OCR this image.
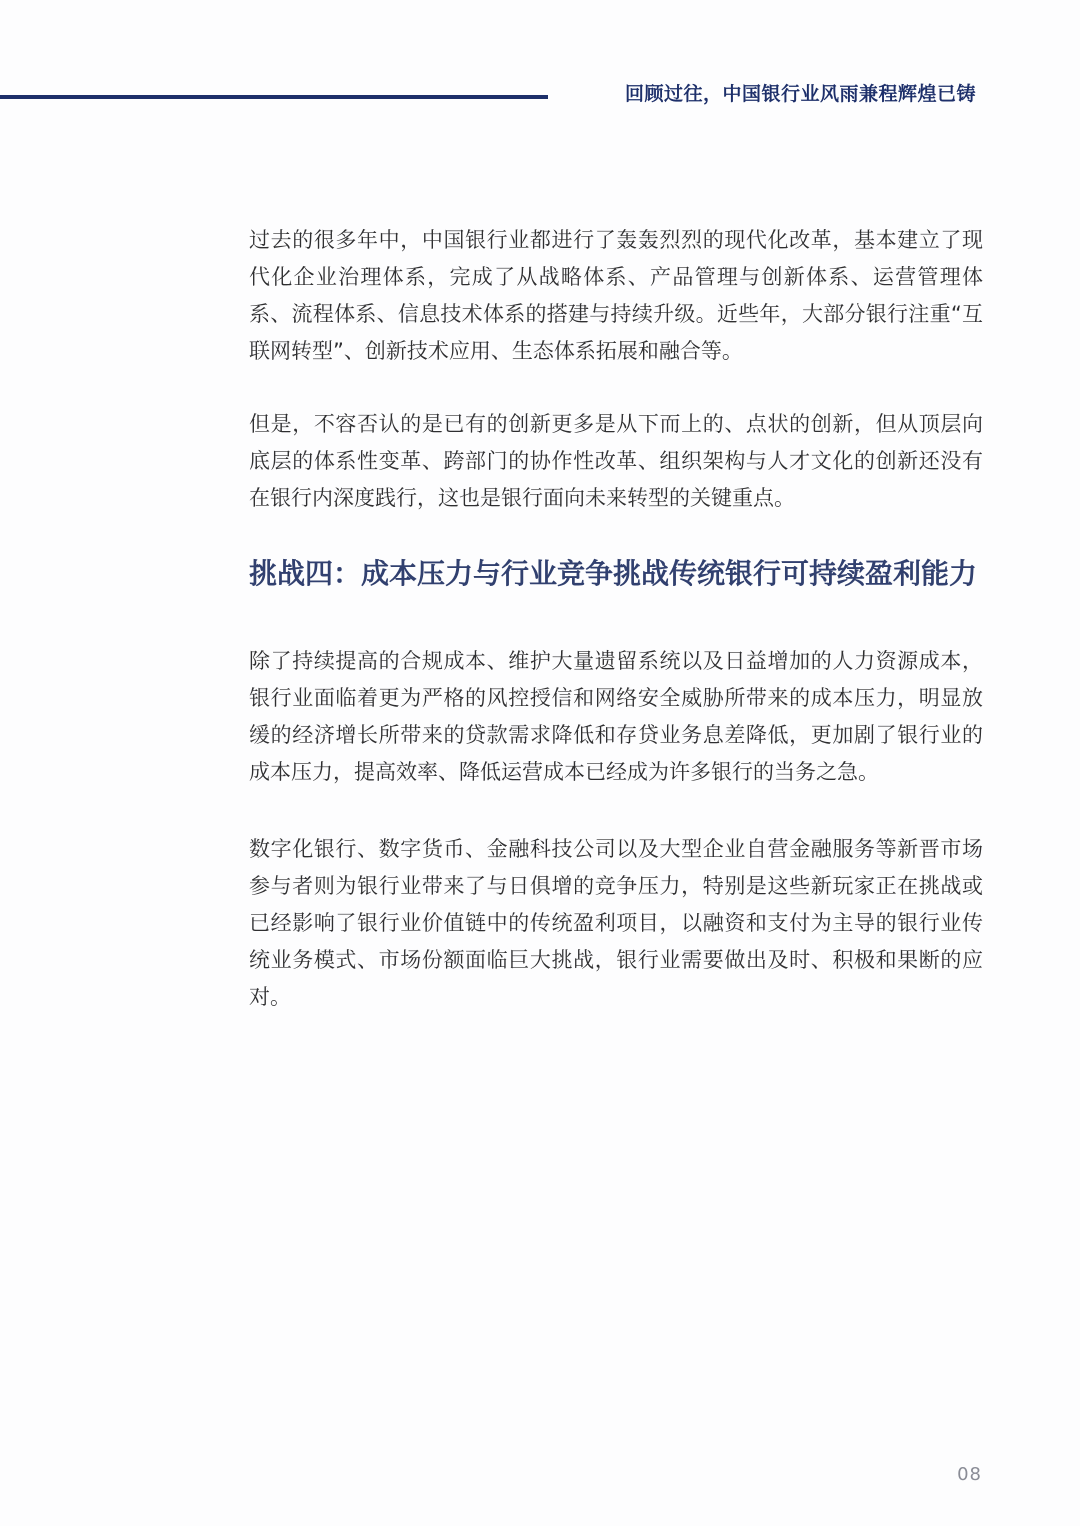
回顾过往，中国银行业风雨兼程辉煌已铸

过去的很多年中，中国银行业都进行了轰轰烈烈的现代化改革，基本建立了现代化企业治理体系，完成了从战略体系、产品管理与创新体系、运营管理体系、流程体系、信息技术体系的搭建与持续升级。近些年，大部分银行注重“互联网转型”、创新技术应用、生态体系拓展和融合等。

但是，不容否认的是已有的创新更多是从下而上的、点状的创新，但从顶层向底层的体系性变革、跨部门的协作性改革、组织架构与人才文化的创新还没有在银行内深度践行，这也是银行面向未来转型的关键重点。

挑战四： 成本压力与行业竞争挑战传统银行可持续盈利能力

除了持续提高的合规成本、维护大量遗留系统以及日益增加的人力资源成本，银行业面临着更为严格的风控授信和网络安全威胁所带来的成本压力，明显放缓的经济增长所带来的贷款需求降低和存贷业务息差降低，更加剧了银行业的成本压力，提高效率、降低运营成本已经成为许多银行的当务之急。

数字化银行、数字货币、金融科技公司以及大型企业自营金融服务等新晋市场参与者则为银行业带来了与日俱增的竞争压力，特别是这些新玩家正在挑战或已经影响了银行业价值链中的传统盈利项目，以融资和支付为主导的银行业传统业务模式、市场份额面临巨大挑战，银行业需要做出及时、积极和果断的应对。

08
